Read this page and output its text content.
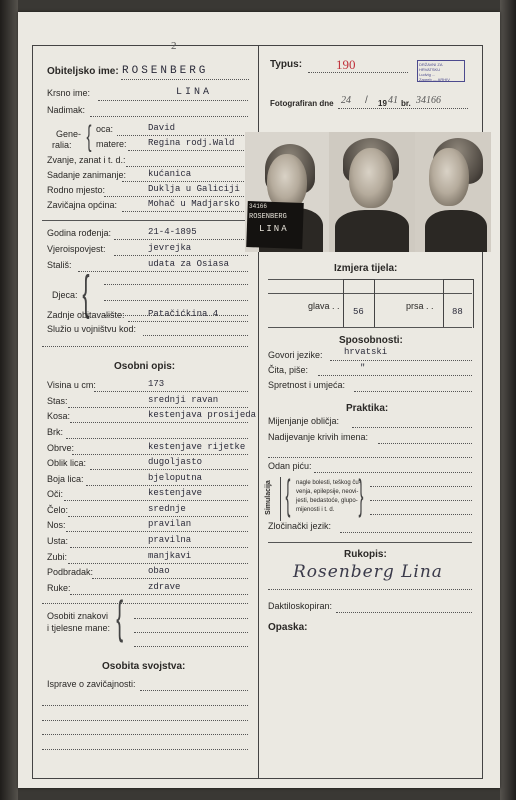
2
Obiteljsko ime: ROSENBERG
Krsno ime:	LINA
Nadimak:
Gene-
ralia: { oca:	David
matere: Regina rodj.Wald
Zvanje, zanat i t. d.:
Sadanje zanimanje: kućanica
Rodno mjesto:	Duklja u Galiciji
Zavičajna općina:	Mohač u Madjarsko
Godina rođenja:	21-4-1895
Vjeroispovjest:	jevrejka
Stališ:	udata za Osiasa
Djeca: {
Zadnje obitavalište:	Patačićkina 4
Služio u vojništvu kod:
Osobni opis:
Visina u cm:	173
Stas:	srednji ravan
Kosa:	kestenjava prosijeda
Brk:
Obrve:	kestenjave rijetke
Oblik lica:	dugoljasto
Boja lica:	bjeloputna
Oči:	kestenjave
Čelo:	srednje
Nos:	pravilan
Usta:	pravilna
Zubi:	manjkavi
Podbradak:	obao
Ruke:	zdrave
Osobiti znakovi
i tjelesne mane: {
Osobita svojstva:
Isprave o zavičajnosti:
Typus:	190	DRŽAVNI ZA HRVATSKU
Ludvig ...
Zagreb — ARHIV
Fotografiran dne 24 / 19 41 br. 34166
34166
ROSENBERG
LINA
Izmjera tijela:
glava . .
56
prsa . .
88
Sposobnosti:
Govori jezike: hrvatski
Čita, piše:	"
Spretnost i umjeća:
Praktika:
Mijenjanje obličja:
Nadijevanje krivih imena:
Odan piću:
Simulacija { nagle bolesti, teškog ču-
venja, epilepsije, neovi-
jesti, bedastoće, glupo-
mijenosti i t. d. }
Zločinački jezik:
Rukopis:
Rosenberg Lina
Daktiloskopiran:
Opaska:
